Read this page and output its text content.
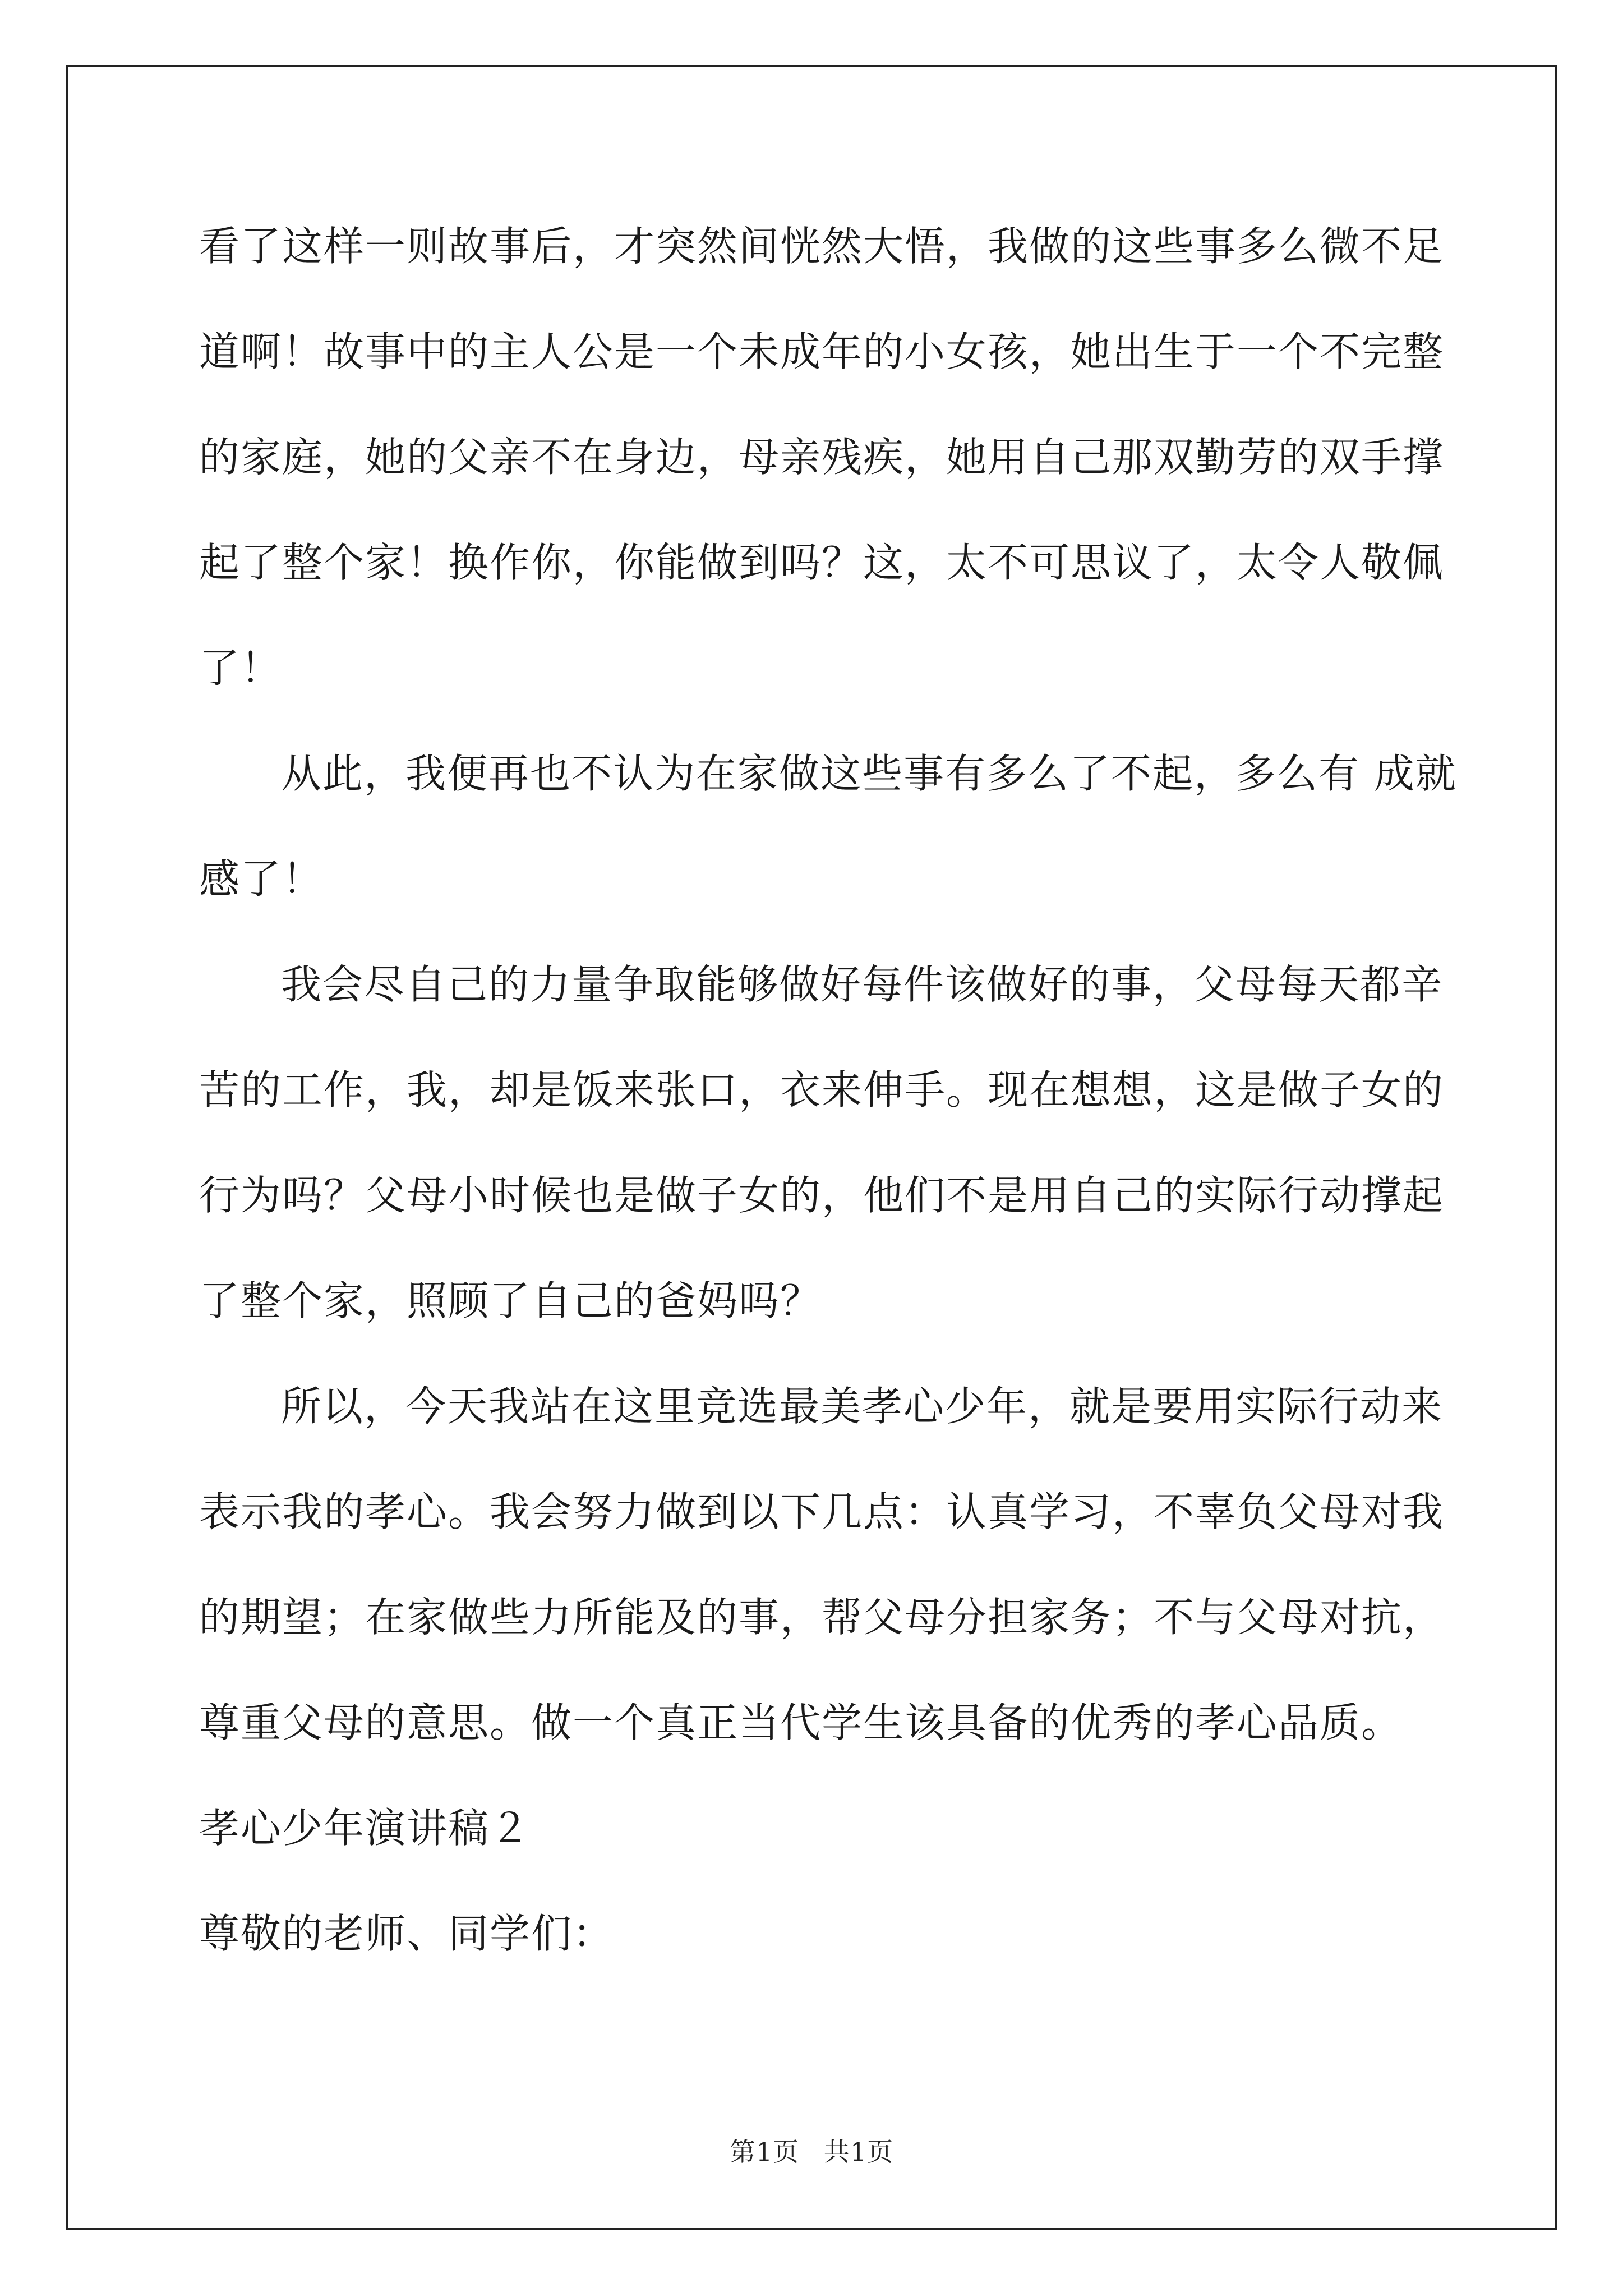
看了这样一则故事后，才突然间恍然大悟，我做的这些事多么微不足
道啊！故事中的主人公是一个未成年的小女孩，她出生于一个不完整
的家庭，她的父亲不在身边，母亲残疾，她用自己那双勤劳的双手撑
起了整个家！换作你，你能做到吗？这，太不可思议了，太令人敬佩
了！
从此，我便再也不认为在家做这些事有多么了不起，多么有 成就
感了！
我会尽自己的力量争取能够做好每件该做好的事，父母每天都辛
苦的工作，我，却是饭来张口，衣来伸手。现在想想，这是做子女的
行为吗？父母小时候也是做子女的，他们不是用自己的实际行动撑起
了整个家，照顾了自己的爸妈吗？
所以，今天我站在这里竞选最美孝心少年，就是要用实际行动来
表示我的孝心。我会努力做到以下几点：认真学习，不辜负父母对我
的期望；在家做些力所能及的事，帮父母分担家务；不与父母对抗，
尊重父母的意思。做一个真正当代学生该具备的优秀的孝心品质。
孝心少年演讲稿２
尊敬的老师、同学们：
第1页 共1页
